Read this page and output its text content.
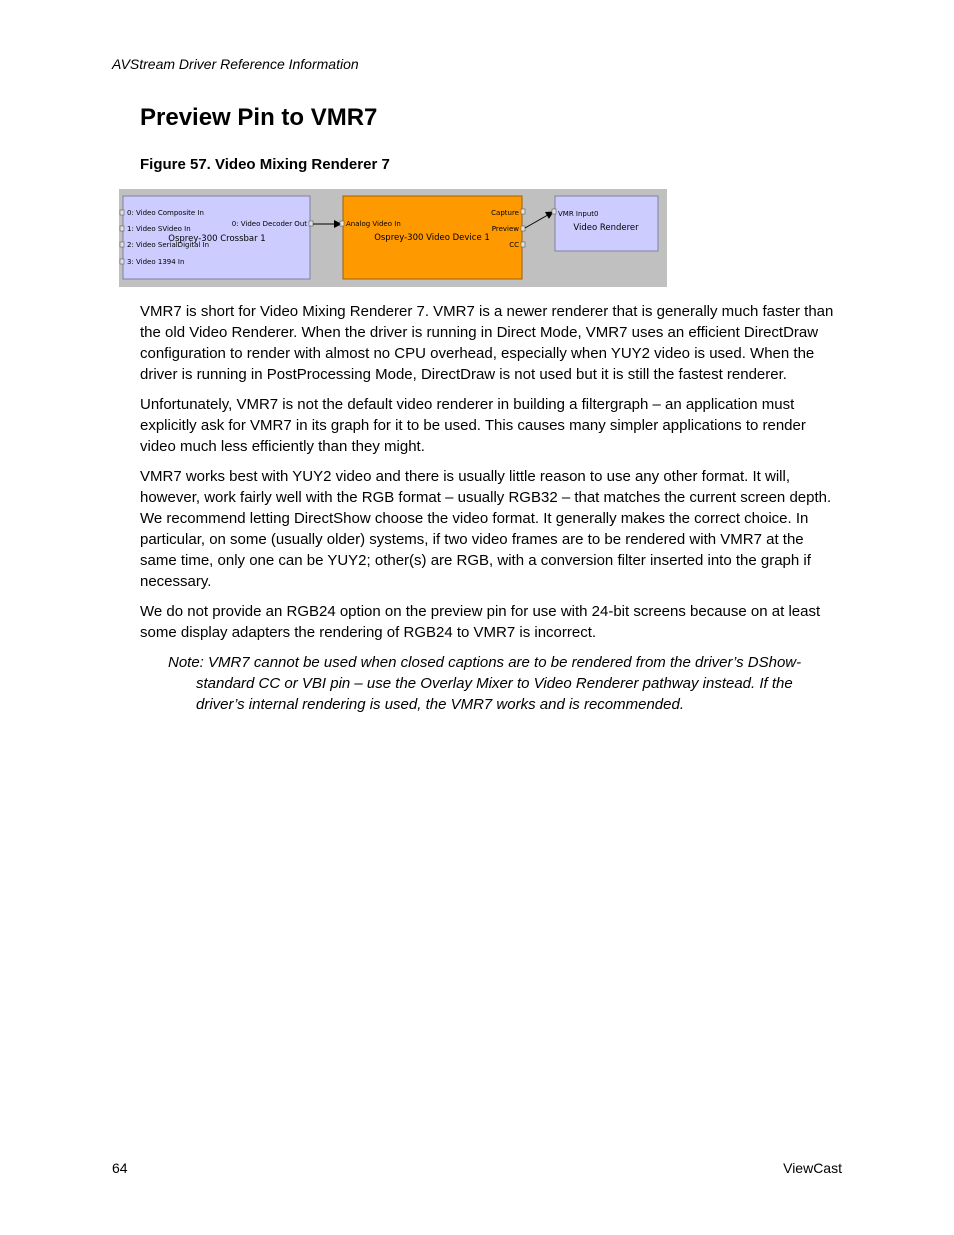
AVStream Driver Reference Information
Preview Pin to VMR7
Figure 57. Video Mixing Renderer 7
0: Video Composite In
1: Video SVideo In
2: Video SerialDigital In
3: Video 1394 In
0: Video Decoder Out
Osprey-300 Crossbar 1
Analog Video In
Capture
Preview
CC
Osprey-300 Video Device 1
VMR Input0
Video Renderer

VMR7 is short for Video Mixing Renderer 7. VMR7 is a newer renderer that is generally much faster than the old Video Renderer. When the driver is running in Direct Mode, VMR7 uses an efficient DirectDraw configuration to render with almost no CPU overhead, especially when YUY2 video is used. When the driver is running in PostProcessing Mode, DirectDraw is not used but it is still the fastest renderer.

Unfortunately, VMR7 is not the default video renderer in building a filtergraph – an application must explicitly ask for VMR7 in its graph for it to be used. This causes many simpler applications to render video much less efficiently than they might.

VMR7 works best with YUY2 video and there is usually little reason to use any other format. It will, however, work fairly well with the RGB format – usually RGB32 – that matches the current screen depth. We recommend letting DirectShow choose the video format. It generally makes the correct choice. In particular, on some (usually older) systems, if two video frames are to be rendered with VMR7 at the same time, only one can be YUY2; other(s) are RGB, with a conversion filter inserted into the graph if necessary.

We do not provide an RGB24 option on the preview pin for use with 24-bit screens because on at least some display adapters the rendering of RGB24 to VMR7 is incorrect.

Note: VMR7 cannot be used when closed captions are to be rendered from the driver’s DShow-standard CC or VBI pin – use the Overlay Mixer to Video Renderer pathway instead. If the driver’s internal rendering is used, the VMR7 works and is recommended.

64	ViewCast
